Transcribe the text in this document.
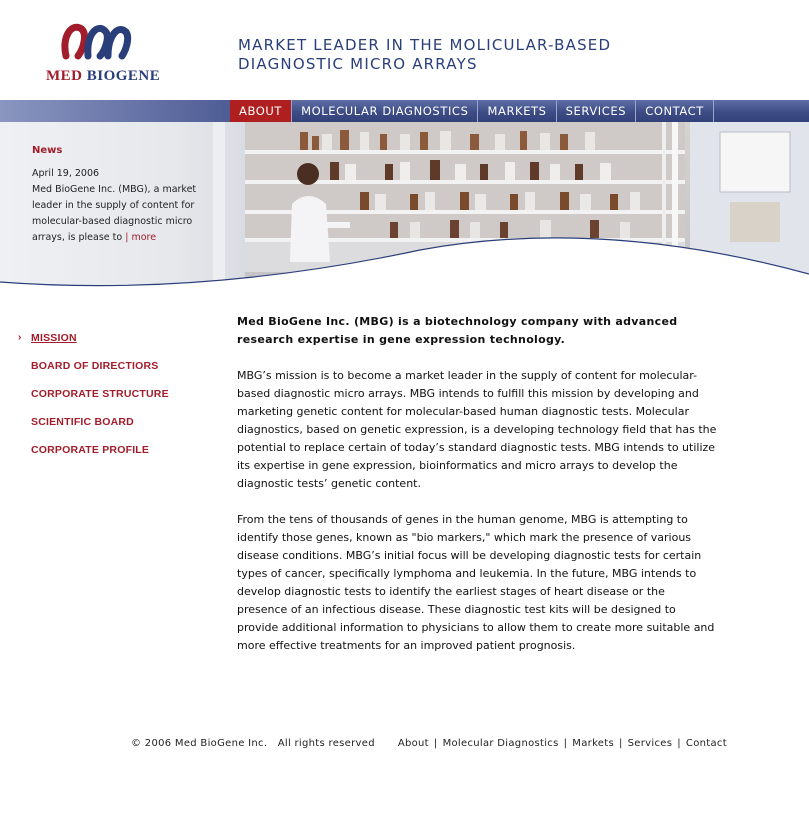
MED BIOGENE
MARKET LEADER IN THE MOLICULAR-BASED
DIAGNOSTIC MICRO ARRAYS
ABOUT	MOLECULAR DIAGNOSTICS	MARKETS	SERVICES	CONTACT
News
April 19, 2006
Med BioGene Inc. (MBG), a market leader in the supply of content for molecular-based diagnostic micro arrays, is please to | more
› MISSION
BOARD OF DIRECTIORS
CORPORATE STRUCTURE
SCIENTIFIC BOARD
CORPORATE PROFILE

Med BioGene Inc. (MBG) is a biotechnology company with advanced research expertise in gene expression technology.

MBG’s mission is to become a market leader in the supply of content for molecular-based diagnostic micro arrays. MBG intends to fulfill this mission by developing and marketing genetic content for molecular-based human diagnostic tests. Molecular diagnostics, based on genetic expression, is a developing technology field that has the potential to replace certain of today’s standard diagnostic tests. MBG intends to utilize its expertise in gene expression, bioinformatics and micro arrays to develop the diagnostic tests’ genetic content.

From the tens of thousands of genes in the human genome, MBG is attempting to identify those genes, known as "bio markers," which mark the presence of various disease conditions. MBG’s initial focus will be developing diagnostic tests for certain types of cancer, specifically lymphoma and leukemia. In the future, MBG intends to develop diagnostic tests to identify the earliest stages of heart disease or the presence of an infectious disease. These diagnostic test kits will be designed to provide additional information to physicians to allow them to create more suitable and more effective treatments for an improved patient prognosis.

© 2006 Med BioGene Inc. All rights reserved About | Molecular Diagnostics | Markets | Services | Contact
